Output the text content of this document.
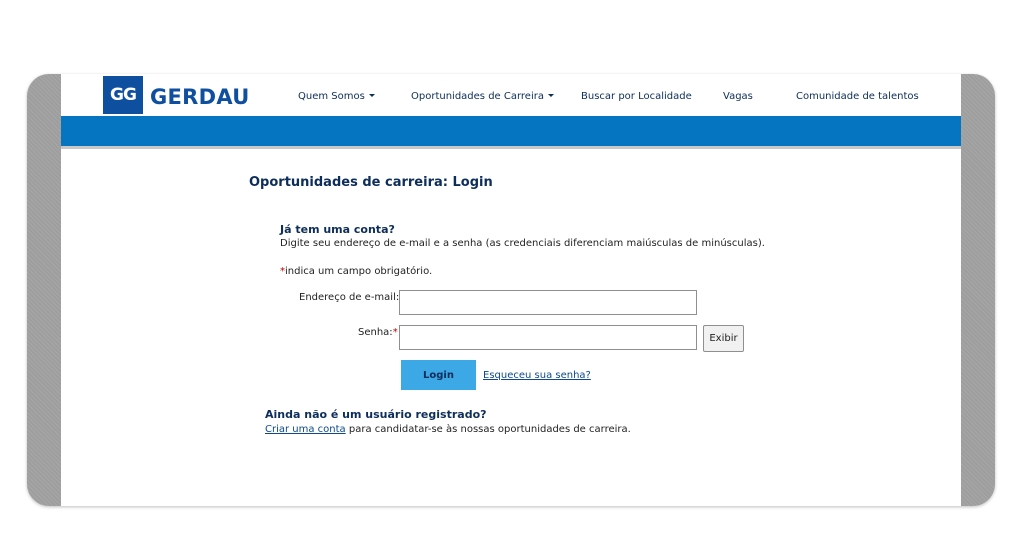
GG GERDAU	Quem Somos	Oportunidades de Carreira	Buscar por Localidade	Vagas	Comunidade de talentos
Oportunidades de carreira: Login
Já tem uma conta?

Digite seu endereço de e-mail e a senha (as credenciais diferenciam maiúsculas de minúsculas).

*indica um campo obrigatório.

Endereço de e-mail:
Senha:*
Exibir
Login	Esqueceu sua senha?
Ainda não é um usuário registrado?

Criar uma conta para candidatar-se às nossas oportunidades de carreira.
